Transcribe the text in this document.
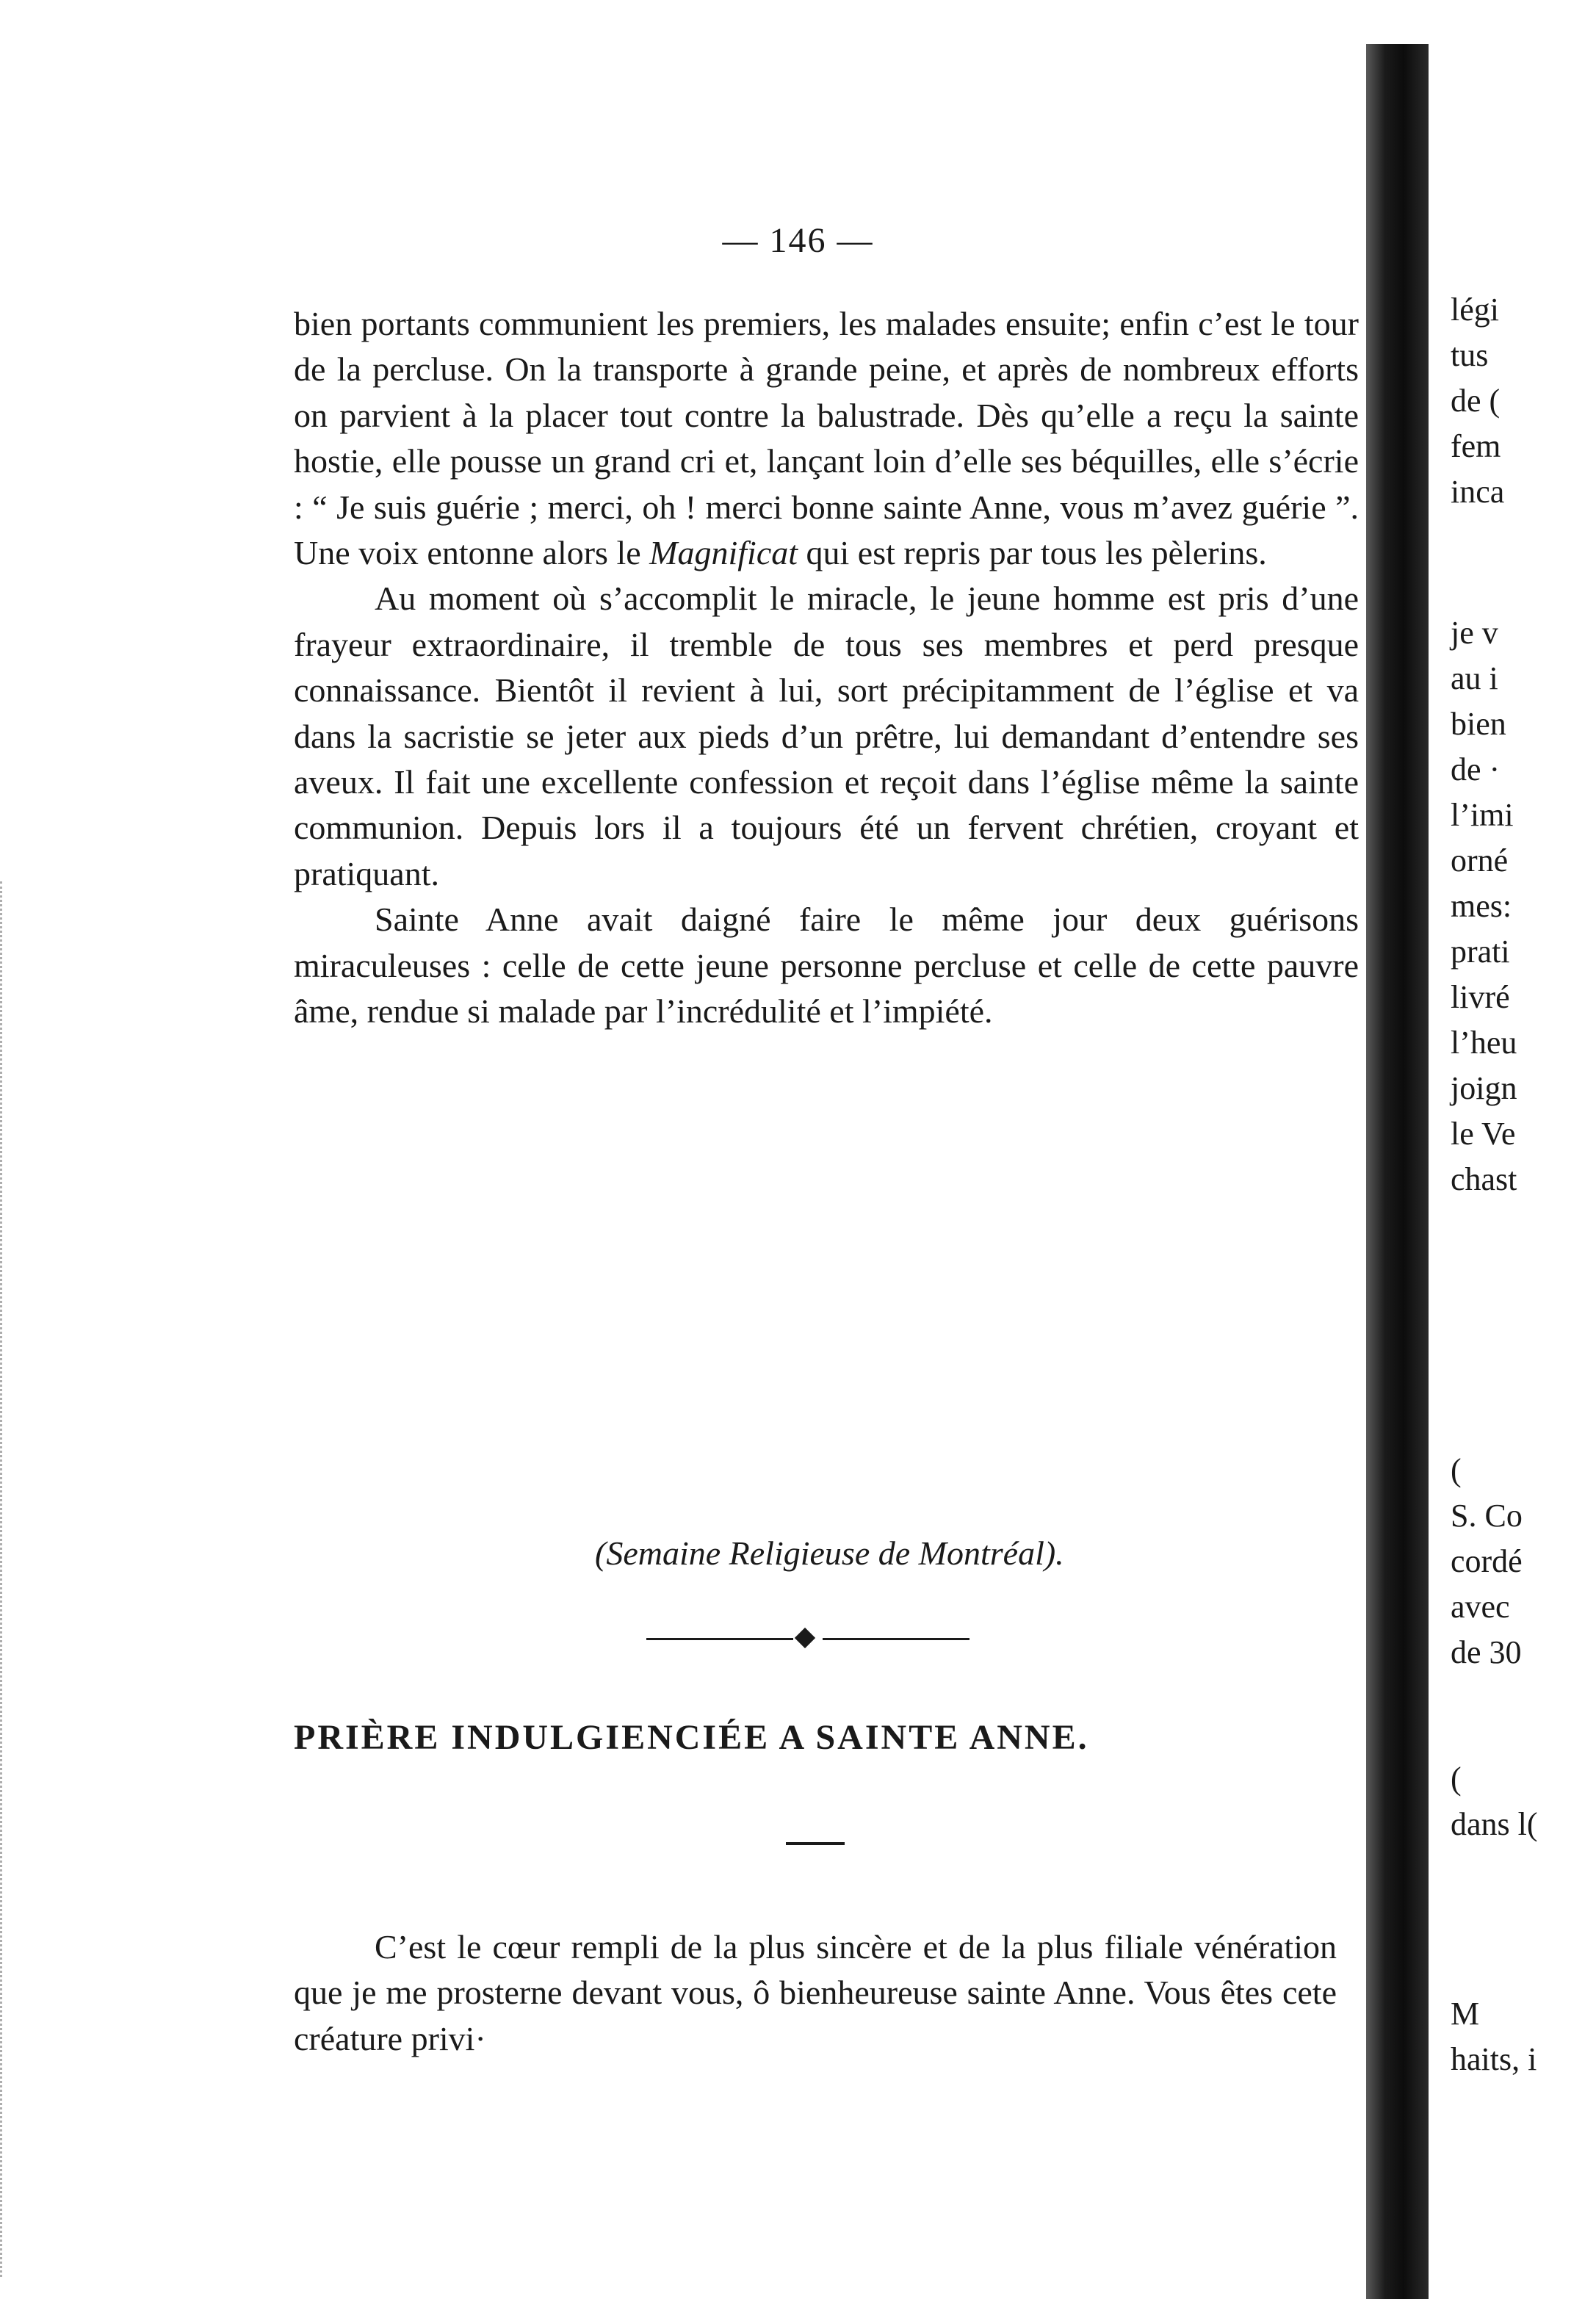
— 146 —

bien portants communient les premiers, les malades ensuite; enfin c’est le tour de la percluse. On la transporte à grande peine, et après de nombreux efforts on parvient à la placer tout contre la balustrade. Dès qu’elle a reçu la sainte hostie, elle pousse un grand cri et, lançant loin d’elle ses béquilles, elle s’écrie : “ Je suis guérie ; merci, oh ! merci bonne sainte Anne, vous m’avez guérie ”. Une voix entonne alors le Magnificat qui est repris par tous les pèlerins.

Au moment où s’accomplit le miracle, le jeune homme est pris d’une frayeur extraordinaire, il tremble de tous ses membres et perd presque connaissance. Bientôt il revient à lui, sort précipitamment de l’église et va dans la sacristie se jeter aux pieds d’un prêtre, lui demandant d’entendre ses aveux. Il fait une excellente confession et reçoit dans l’église même la sainte communion. Depuis lors il a toujours été un fervent chrétien, croyant et pratiquant.

Sainte Anne avait daigné faire le même jour deux guérisons miraculeuses : celle de cette jeune personne percluse et celle de cette pauvre âme, rendue si malade par l’incrédulité et l’impiété.

(Semaine Religieuse de Montréal).
PRIÈRE INDULGIENCIÉE A SAINTE ANNE.

C’est le cœur rempli de la plus sincère et de la plus filiale vénération que je me prosterne devant vous, ô bienheureuse sainte Anne. Vous êtes cete créature privi·

légi
tus
de (
fem
inca
je v
au i
bien
de ·
l’imi
orné
mes:
prati
livré
l’heu
joign
le Ve
chast
(
S. Co
cordé
avec
de 30
(
dans l(
M
haits, i
